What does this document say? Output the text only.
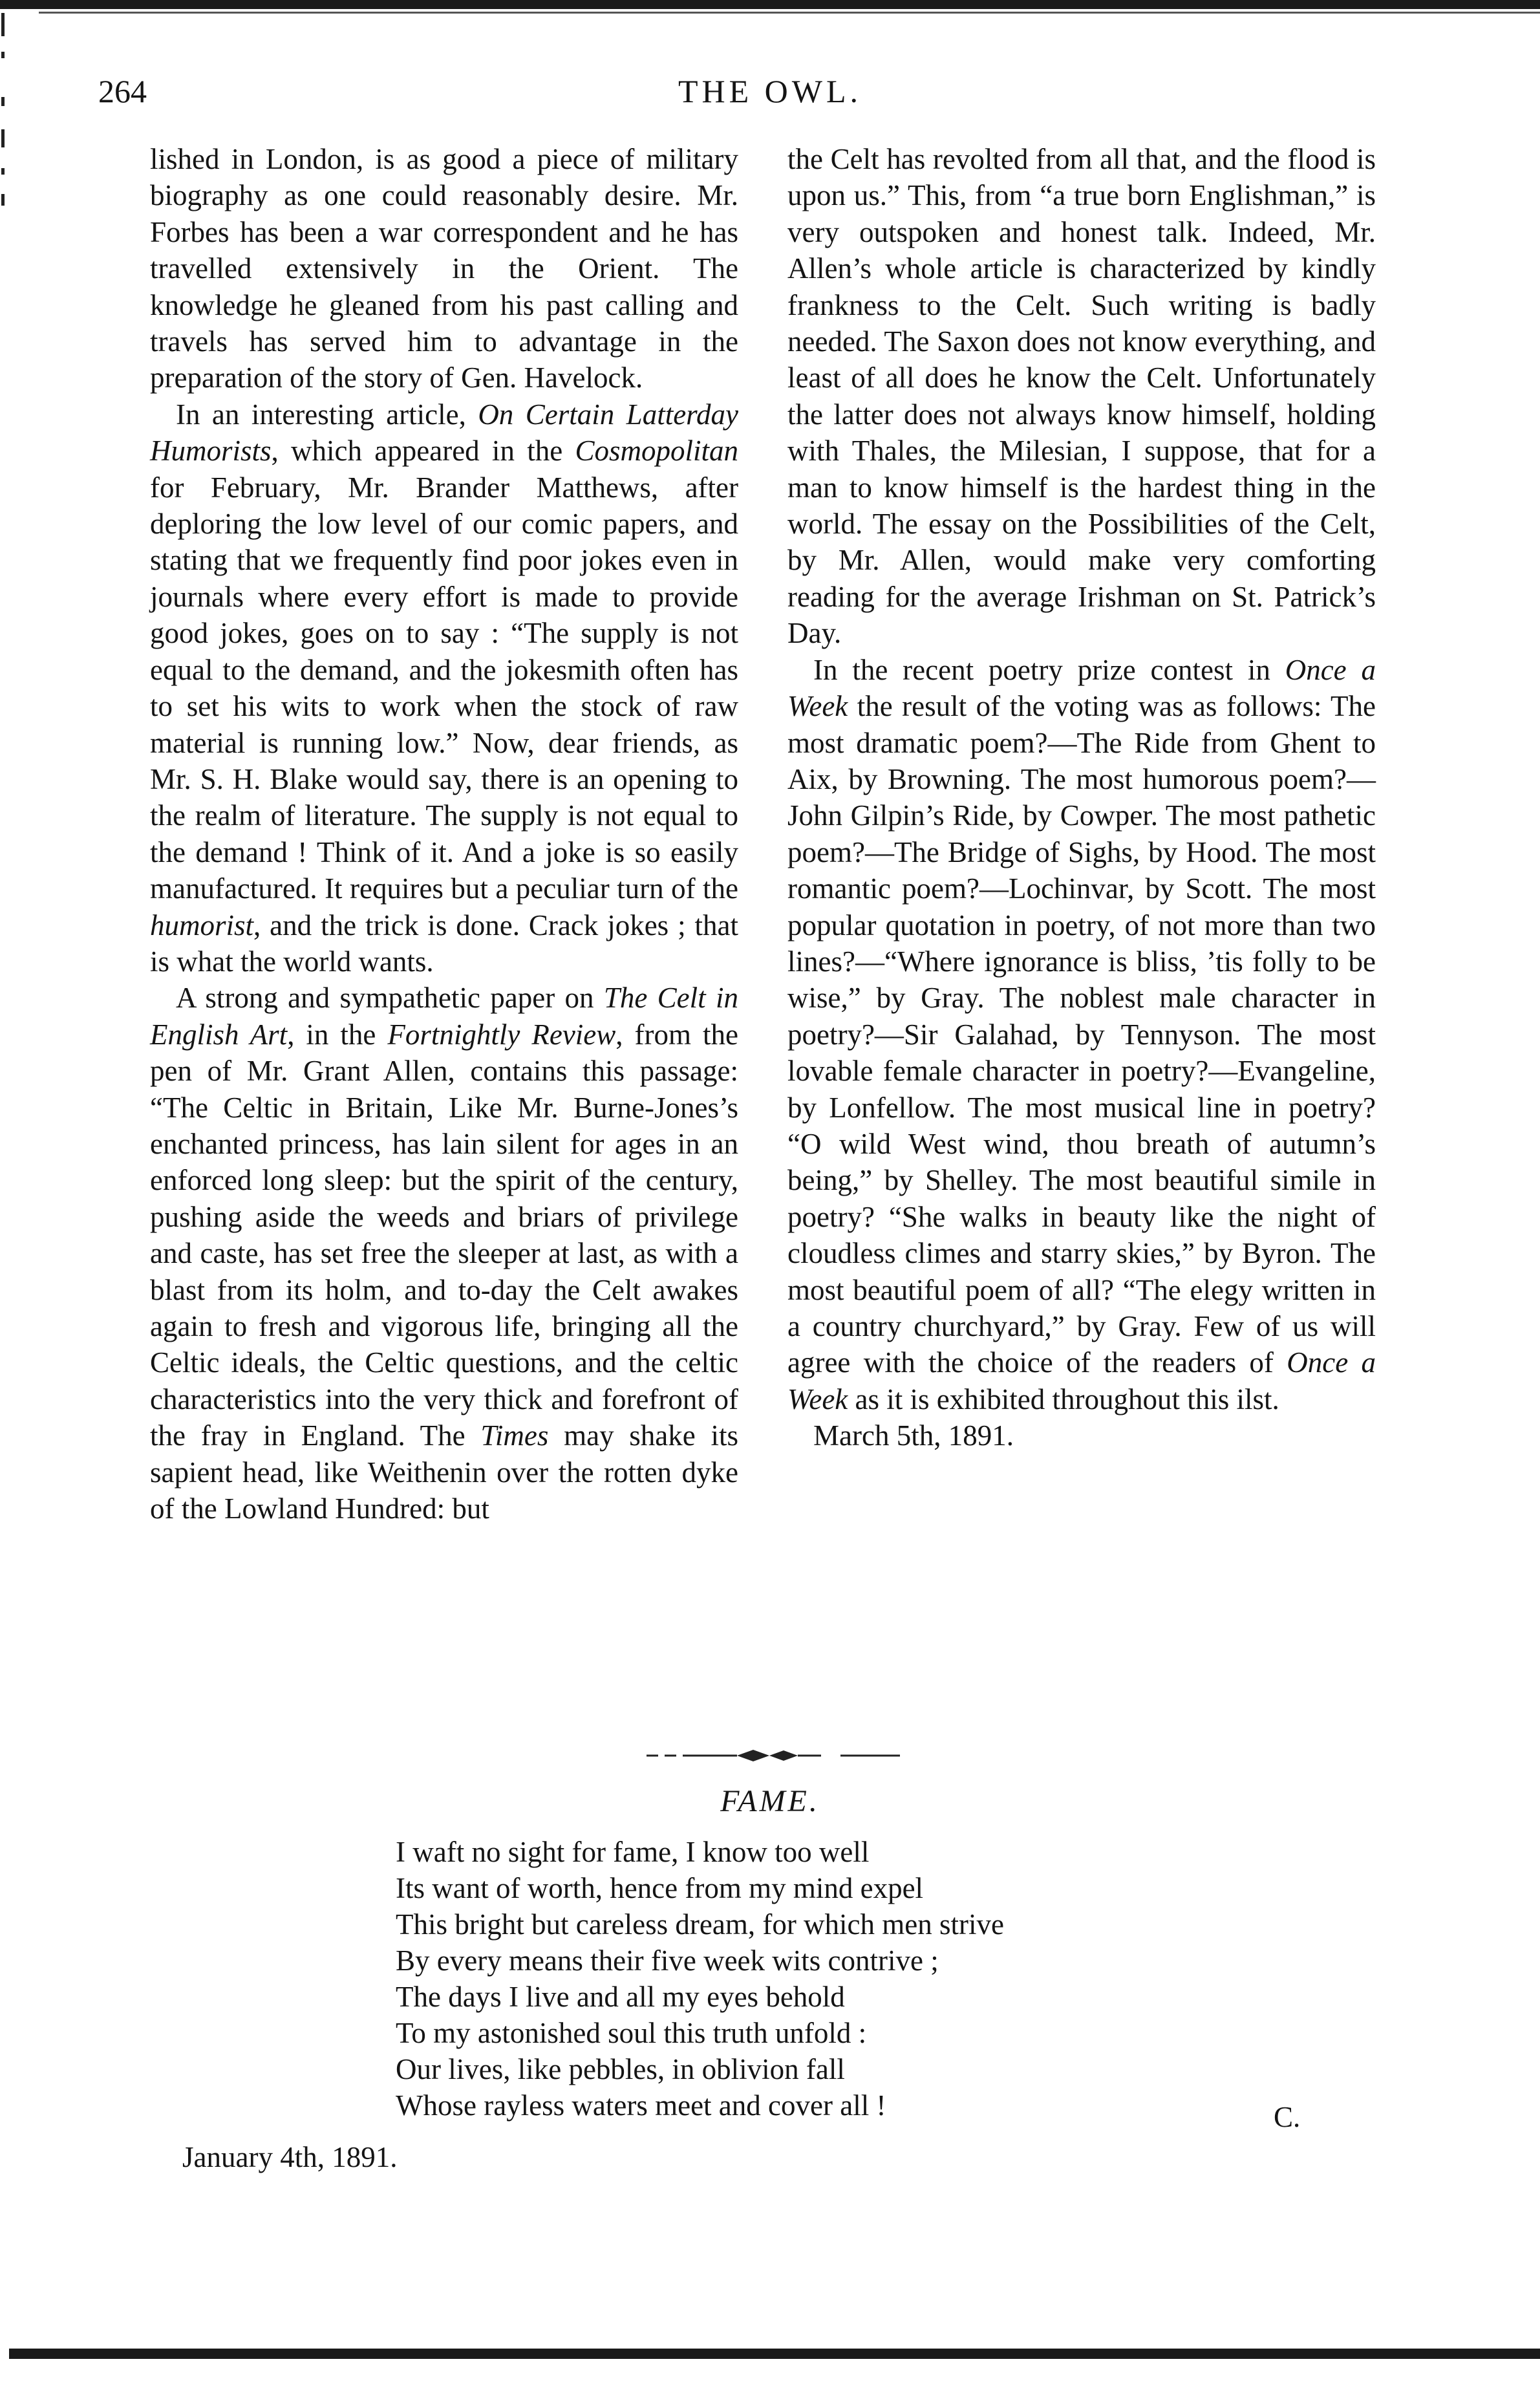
264	THE OWL.

lished in London, is as good a piece of military biography as one could reasonably desire. Mr. Forbes has been a war correspondent and he has travelled extensively in the Orient. The knowledge he gleaned from his past calling and travels has served him to advantage in the preparation of the story of Gen. Havelock.

In an interesting article, On Certain Latterday Humorists, which appeared in the Cosmopolitan for February, Mr. Brander Matthews, after deploring the low level of our comic papers, and stating that we frequently find poor jokes even in journals where every effort is made to provide good jokes, goes on to say : “The supply is not equal to the demand, and the jokesmith often has to set his wits to work when the stock of raw material is running low.” Now, dear friends, as Mr. S. H. Blake would say, there is an opening to the realm of literature. The supply is not equal to the demand ! Think of it. And a joke is so easily manufactured. It requires but a peculiar turn of the humorist, and the trick is done. Crack jokes ; that is what the world wants.

A strong and sympathetic paper on The Celt in English Art, in the Fortnightly Review, from the pen of Mr. Grant Allen, contains this passage: “The Celtic in Britain, Like Mr. Burne-Jones’s enchanted princess, has lain silent for ages in an enforced long sleep: but the spirit of the century, pushing aside the weeds and briars of privilege and caste, has set free the sleeper at last, as with a blast from its holm, and to-day the Celt awakes again to fresh and vigorous life, bringing all the Celtic ideals, the Celtic questions, and the celtic characteristics into the very thick and forefront of the fray in England. The Times may shake its sapient head, like Weithenin over the rotten dyke of the Lowland Hundred: but

the Celt has revolted from all that, and the flood is upon us.” This, from “a true born Englishman,” is very outspoken and honest talk. Indeed, Mr. Allen’s whole article is characterized by kindly frankness to the Celt. Such writing is badly needed. The Saxon does not know everything, and least of all does he know the Celt. Unfortunately the latter does not always know himself, holding with Thales, the Milesian, I suppose, that for a man to know himself is the hardest thing in the world. The essay on the Possibilities of the Celt, by Mr. Allen, would make very comforting reading for the average Irishman on St. Patrick’s Day.

In the recent poetry prize contest in Once a Week the result of the voting was as follows: The most dramatic poem?—The Ride from Ghent to Aix, by Browning. The most humorous poem?—John Gilpin’s Ride, by Cowper. The most pathetic poem?—The Bridge of Sighs, by Hood. The most romantic poem?—Lochinvar, by Scott. The most popular quotation in poetry, of not more than two lines?—“Where ignorance is bliss, ’tis folly to be wise,” by Gray. The noblest male character in poetry?—Sir Galahad, by Tennyson. The most lovable female character in poetry?—Evangeline, by Lonfellow. The most musical line in poetry? “O wild West wind, thou breath of autumn’s being,” by Shelley. The most beautiful simile in poetry? “She walks in beauty like the night of cloudless climes and starry skies,” by Byron. The most beautiful poem of all? “The elegy written in a country churchyard,” by Gray. Few of us will agree with the choice of the readers of Once a Week as it is exhibited throughout this ilst.

March 5th, 1891.

FAME.
I waft no sight for fame, I know too well
Its want of worth, hence from my mind expel
This bright but careless dream, for which men strive
By every means their five week wits contrive ;
The days I live and all my eyes behold
To my astonished soul this truth unfold :
Our lives, like pebbles, in oblivion fall
Whose rayless waters meet and cover all !	C.
January 4th, 1891.
